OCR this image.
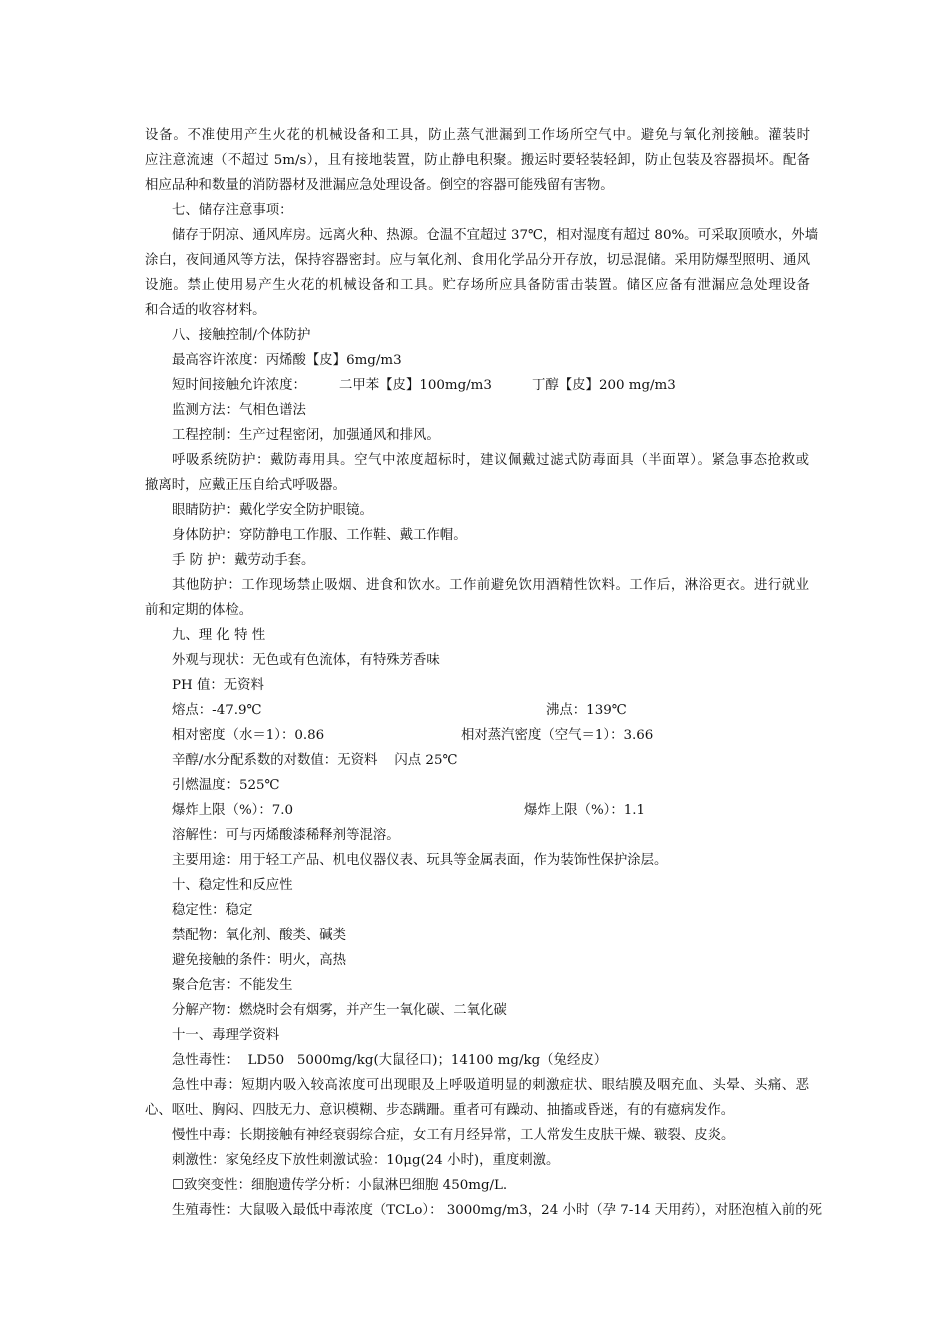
设备。不准使用产生火花的机械设备和工具，防止蒸气泄漏到工作场所空气中。避免与氧化剂接触。灌装时
应注意流速（不超过 5m/s），且有接地装置，防止静电积聚。搬运时要轻装轻卸，防止包装及容器损坏。配备
相应品种和数量的消防器材及泄漏应急处理设备。倒空的容器可能残留有害物。
七、储存注意事项：
储存于阴凉、通风库房。远离火种、热源。仓温不宜超过 37℃，相对湿度有超过 80%。可采取顶喷水，外墙
涂白，夜间通风等方法，保持容器密封。应与氧化剂、食用化学品分开存放，切忌混储。采用防爆型照明、通风
设施。禁止使用易产生火花的机械设备和工具。贮存场所应具备防雷击装置。储区应备有泄漏应急处理设备
和合适的收容材料。
八、接触控制/个体防护
最高容许浓度：丙烯酸【皮】6mg/m3
短时间接触允许浓度： 二甲苯【皮】100mg/m3	丁醇【皮】200 mg/m3
监测方法：气相色谱法
工程控制：生产过程密闭，加强通风和排风。
呼吸系统防护：戴防毒用具。空气中浓度超标时，建议佩戴过滤式防毒面具（半面罩）。紧急事态抢救或
撤离时，应戴正压自给式呼吸器。
眼睛防护：戴化学安全防护眼镜。
身体防护：穿防静电工作服、工作鞋、戴工作帽。
手 防 护：戴劳动手套。
其他防护：工作现场禁止吸烟、进食和饮水。工作前避免饮用酒精性饮料。工作后，淋浴更衣。进行就业
前和定期的体检。
九、理 化 特 性
外观与现状：无色或有色流体，有特殊芳香味
PH 值：无资料
熔点：-47.9℃	沸点：139℃
相对密度（水＝1）：0.86	相对蒸汽密度（空气＝1）：3.66
辛醇/水分配系数的对数值：无资料    闪点 25℃
引燃温度：525℃
爆炸上限（%）：7.0	爆炸上限（%）：1.1
溶解性：可与丙烯酸漆稀释剂等混溶。
主要用途：用于轻工产品、机电仪器仪表、玩具等金属表面，作为装饰性保护涂层。
十、稳定性和反应性
稳定性：稳定
禁配物：氧化剂、酸类、碱类
避免接触的条件：明火，高热
聚合危害：不能发生
分解产物：燃烧时会有烟雾，并产生一氧化碳、二氧化碳
十一、毒理学资料
急性毒性：  LD50   5000mg/kg(大鼠径口)；14100 mg/kg（兔经皮）
急性中毒：短期内吸入较高浓度可出现眼及上呼吸道明显的刺激症状、眼结膜及咽充血、头晕、头痛、恶
心、呕吐、胸闷、四肢无力、意识模糊、步态蹒跚。重者可有躁动、抽搐或昏迷，有的有癔病发作。
慢性中毒：长期接触有神经衰弱综合症，女工有月经异常，工人常发生皮肤干燥、皲裂、皮炎。
刺激性：家兔经皮下放性刺激试验：10μg(24 小时)，重度刺激。
☐致突变性：细胞遗传学分析：小鼠淋巴细胞 450mg/L.
生殖毒性：大鼠吸入最低中毒浓度（TCLo）： 3000mg/m3，24 小时（孕 7-14 天用药），对胚泡植入前的死
